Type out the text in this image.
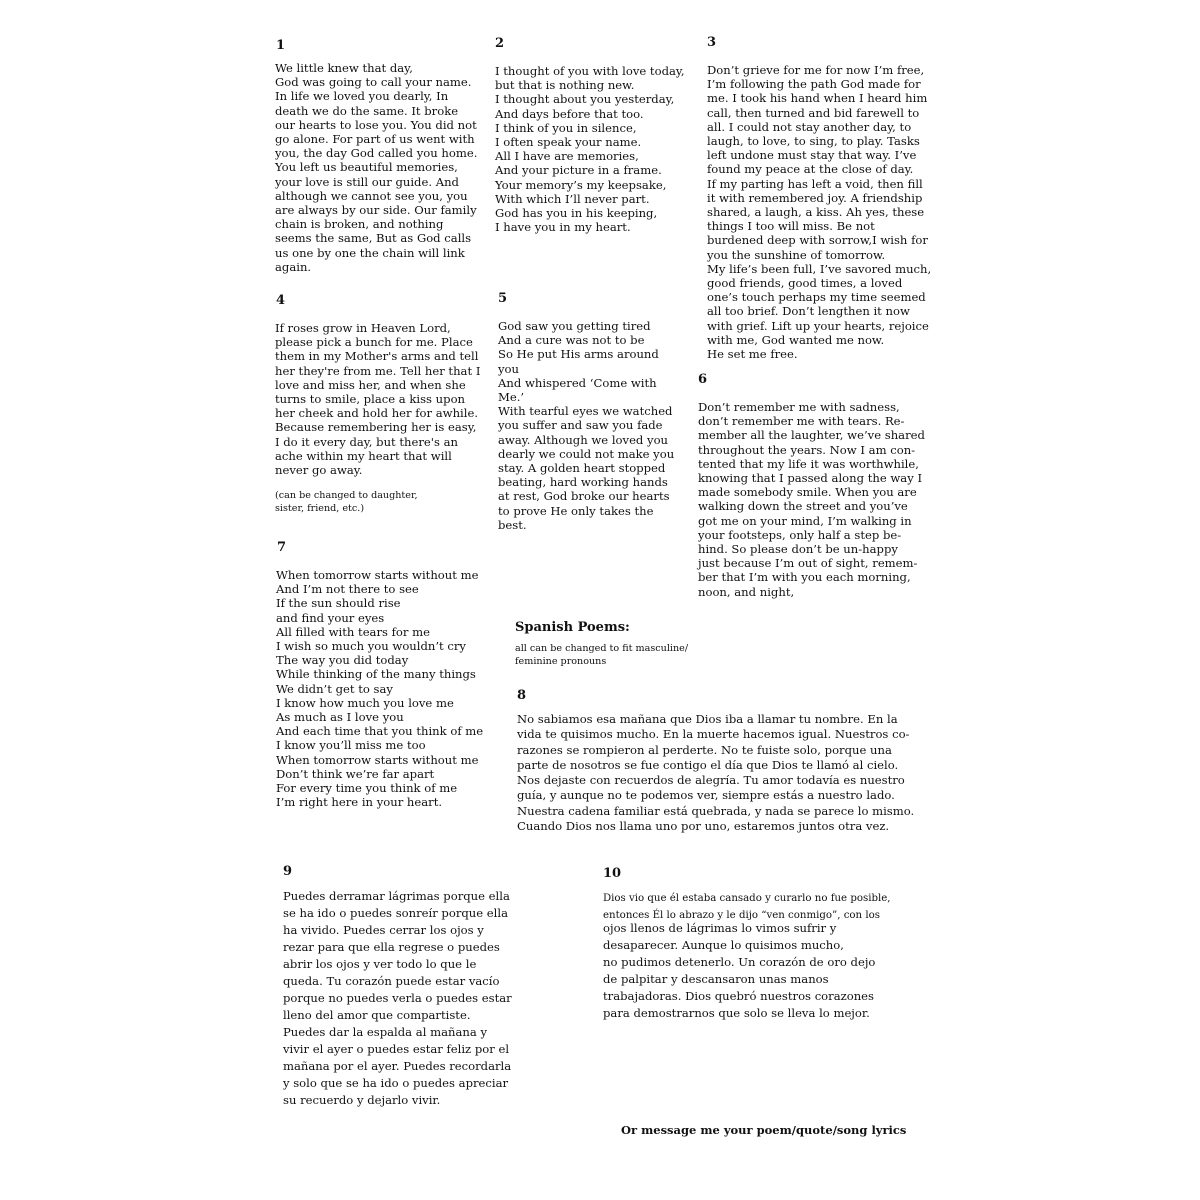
1
We little knew that day,
God was going to call your name.
In life we loved you dearly, In
death we do the same. It broke
our hearts to lose you. You did not
go alone. For part of us went with
you, the day God called you home.
You left us beautiful memories,
your love is still our guide. And
although we cannot see you, you
are always by our side. Our family
chain is broken, and nothing
seems the same, But as God calls
us one by one the chain will link
again.
2
I thought of you with love today,
but that is nothing new.
I thought about you yesterday,
And days before that too.
I think of you in silence,
I often speak your name.
All I have are memories,
And your picture in a frame.
Your memory’s my keepsake,
With which I’ll never part.
God has you in his keeping,
I have you in my heart.
3
Don’t grieve for me for now I’m free,
I’m following the path God made for
me. I took his hand when I heard him
call, then turned and bid farewell to
all. I could not stay another day, to
laugh, to love, to sing, to play. Tasks
left undone must stay that way. I’ve
found my peace at the close of day.
If my parting has left a void, then fill
it with remembered joy. A friendship
shared, a laugh, a kiss. Ah yes, these
things I too will miss. Be not
burdened deep with sorrow,I wish for
you the sunshine of tomorrow.
My life’s been full, I’ve savored much,
good friends, good times, a loved
one’s touch perhaps my time seemed
all too brief. Don’t lengthen it now
with grief. Lift up your hearts, rejoice
with me, God wanted me now.
He set me free.
4
If roses grow in Heaven Lord,
please pick a bunch for me. Place
them in my Mother's arms and tell
her they're from me. Tell her that I
love and miss her, and when she
turns to smile, place a kiss upon
her cheek and hold her for awhile.
Because remembering her is easy,
I do it every day, but there's an
ache within my heart that will
never go away.
(can be changed to daughter,
sister, friend, etc.)
5
God saw you getting tired
And a cure was not to be
So He put His arms around
you
And whispered ‘Come with
Me.’
With tearful eyes we watched
you suffer and saw you fade
away. Although we loved you
dearly we could not make you
stay. A golden heart stopped
beating, hard working hands
at rest, God broke our hearts
to prove He only takes the
best.
6
Don’t remember me with sadness,
don’t remember me with tears. Re-
member all the laughter, we’ve shared
throughout the years. Now I am con-
tented that my life it was worthwhile,
knowing that I passed along the way I
made somebody smile. When you are
walking down the street and you’ve
got me on your mind, I’m walking in
your footsteps, only half a step be-
hind. So please don’t be un-happy
just because I’m out of sight, remem-
ber that I’m with you each morning,
noon, and night,
7
When tomorrow starts without me
And I’m not there to see
If the sun should rise
and find your eyes
All filled with tears for me
I wish so much you wouldn’t cry
The way you did today
While thinking of the many things
We didn’t get to say
I know how much you love me
As much as I love you
And each time that you think of me
I know you’ll miss me too
When tomorrow starts without me
Don’t think we’re far apart
For every time you think of me
I’m right here in your heart.
Spanish Poems:
all can be changed to fit masculine/
feminine pronouns
8
No sabiamos esa mañana que Dios iba a llamar tu nombre. En la
vida te quisimos mucho. En la muerte hacemos igual. Nuestros co-
razones se rompieron al perderte. No te fuiste solo, porque una
parte de nosotros se fue contigo el día que Dios te llamó al cielo.
Nos dejaste con recuerdos de alegría. Tu amor todavía es nuestro
guía, y aunque no te podemos ver, siempre estás a nuestro lado.
Nuestra cadena familiar está quebrada, y nada se parece lo mismo.
Cuando Dios nos llama uno por uno, estaremos juntos otra vez.
9
Puedes derramar lágrimas porque ella
se ha ido o puedes sonreír porque ella
ha vivido. Puedes cerrar los ojos y
rezar para que ella regrese o puedes
abrir los ojos y ver todo lo que le
queda. Tu corazón puede estar vacío
porque no puedes verla o puedes estar
lleno del amor que compartiste.
Puedes dar la espalda al mañana y
vivir el ayer o puedes estar feliz por el
mañana por el ayer. Puedes recordarla
y solo que se ha ido o puedes apreciar
su recuerdo y dejarlo vivir.
10
Dios vio que él estaba cansado y curarlo no fue posible,
entonces Él lo abrazo y le dijo “ven conmigo”, con los
ojos llenos de lágrimas lo vimos sufrir y
desaparecer. Aunque lo quisimos mucho,
no pudimos detenerlo. Un corazón de oro dejo
de palpitar y descansaron unas manos
trabajadoras. Dios quebró nuestros corazones
para demostrarnos que solo se lleva lo mejor.
Or message me your poem/quote/song lyrics
